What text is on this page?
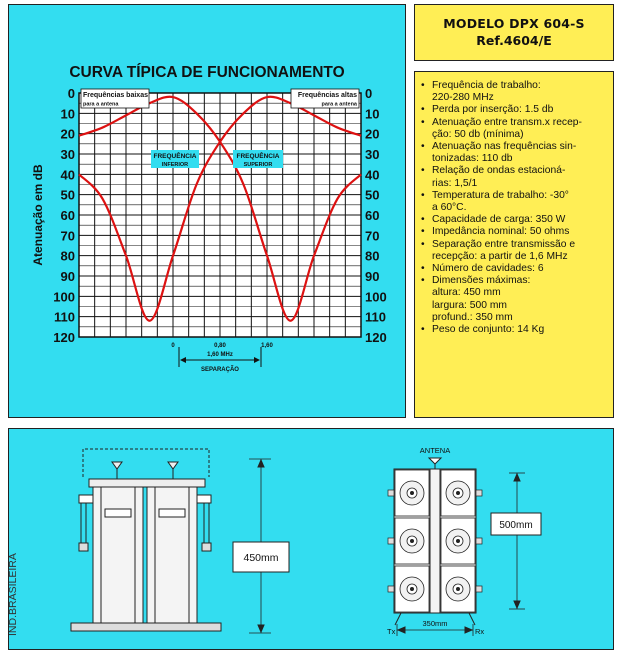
CURVA TÍPICA DE FUNCIONAMENTO
Atenuação em dB
0	0
10	10
20	20
30	30
40	40
50	50
60	60
70	70
80	80
90	90
100	100
110	110
120	120
0	0,80	1,60
Frequências baixas
para a antena
Frequências altas
para a antena
FREQUÊNCIA
INFERIOR
FREQUÊNCIA
SUPERIOR
1,60 MHz
SEPARAÇÃO
MODELO DPX 604-S
Ref.4604/E
• Frequência de trabalho:
220-280 MHz
• Perda por inserção: 1.5 db
• Atenuação entre transm.x recep-
ção: 50 db (mínima)
• Atenuação nas frequências sin-
tonizadas: 110 db
• Relação de ondas estacioná-
rias: 1,5/1
• Temperatura de trabalho: -30°
a 60°C.
• Capacidade de carga: 350 W
• Impedância nominal: 50 ohms
• Separação entre transmissão e
recepção: a partir de 1,6 MHz
• Número de cavidades: 6
• Dimensões máximas:
altura: 450 mm
largura: 500 mm
profund.: 350 mm
• Peso de conjunto: 14 Kg
450mm
500mm
ANTENA
Tx	Rx
350mm
IND.BRASILEIRA
